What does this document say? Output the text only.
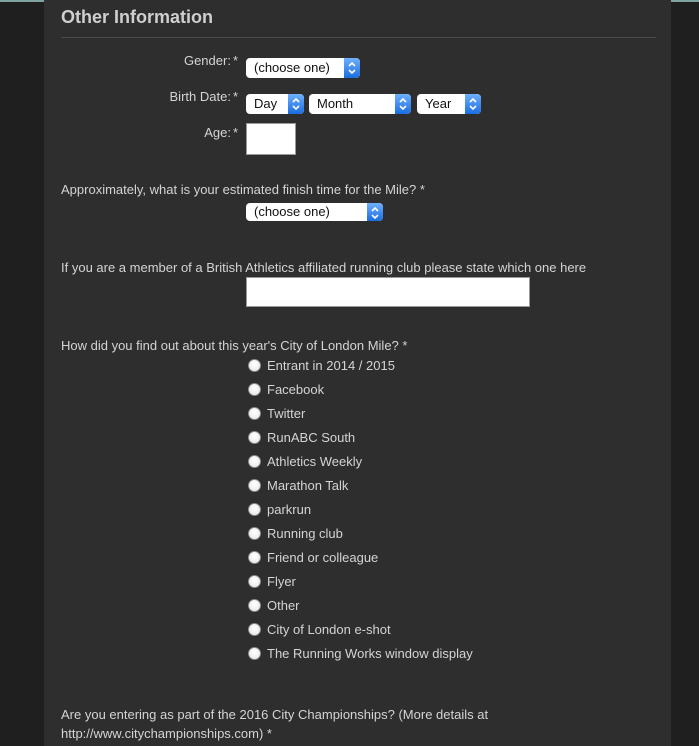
Other Information
Gender: *	(choose one)
Birth Date: *	Day	Month	Year
Age: *
Approximately, what is your estimated finish time for the Mile? *
(choose one)
If you are a member of a British Athletics affiliated running club please state which one here
How did you find out about this year's City of London Mile? *
Entrant in 2014 / 2015
Facebook
Twitter
RunABC South
Athletics Weekly
Marathon Talk
parkrun
Running club
Friend or colleague
Flyer
Other
City of London e-shot
The Running Works window display
Are you entering as part of the 2016 City Championships? (More details at
http://www.citychampionships.com) *
